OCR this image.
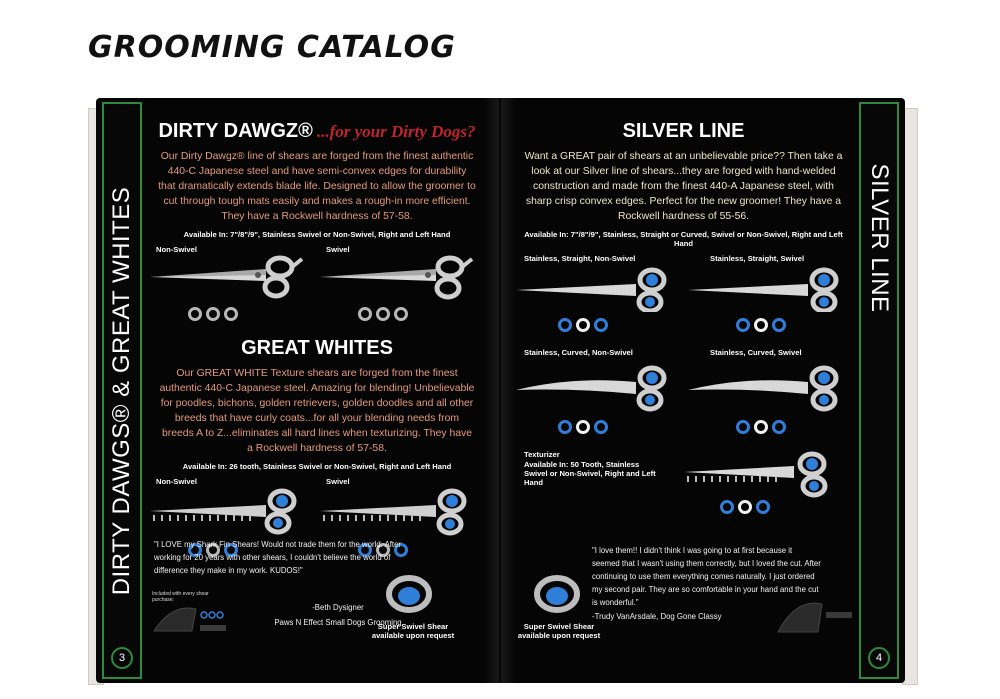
GROOMING CATALOG
DIRTY DAWGS® & GREAT WHITES
3
DIRTY DAWGZ® ...for your Dirty Dogs?
Our Dirty Dawgz® line of shears are forged from the finest authentic 440-C Japanese steel and have semi-convex edges for durability that dramatically extends blade life. Designed to allow the groomer to cut through tough mats easily and makes a rough-in more efficient. They have a Rockwell hardness of 57-58.
Available In: 7"/8"/9", Stainless Swivel or Non-Swivel, Right and Left Hand
Non-Swivel	Swivel
GREAT WHITES
Our GREAT WHITE Texture shears are forged from the finest authentic 440-C Japanese steel. Amazing for blending! Unbelievable for poodles, bichons, golden retrievers, golden doodles and all other breeds that have curly coats...for all your blending needs from breeds A to Z...eliminates all hard lines when texturizing. They have a Rockwell hardness of 57-58.
Available In: 26 tooth, Stainless Swivel or Non-Swivel, Right and Left Hand
Non-Swivel	Swivel
"I LOVE my Shark Fin Shears! Would not trade them for the world. After working for 20 years with other shears, I couldn't believe the world of difference they make in my work. KUDOS!"
-Beth Dysigner
Paws N Effect Small Dogs Grooming
Included with every shear purchase:
Super Swivel Shear
available upon request
SILVER LINE
4
SILVER LINE
Want a GREAT pair of shears at an unbelievable price?? Then take a look at our Silver line of shears...they are forged with hand-welded construction and made from the finest 440-A Japanese steel, with sharp crisp convex edges. Perfect for the new groomer! They have a Rockwell hardness of 55-56.
Available In: 7"/8"/9", Stainless, Straight or Curved, Swivel or Non-Swivel, Right and Left Hand
Stainless, Straight, Non-Swivel	Stainless, Straight, Swivel
Stainless, Curved, Non-Swivel	Stainless, Curved, Swivel
Texturizer
Available In: 50 Tooth, Stainless Swivel or Non-Swivel, Right and Left Hand
"I love them!! I didn't think I was going to at first because it seemed that I wasn't using them correctly, but I loved the cut. After continuing to use them everything comes naturally. I just ordered my second pair. They are so comfortable in your hand and the cut is wonderful."
-Trudy VanArsdale, Dog Gone Classy
Super Swivel Shear
available upon request
